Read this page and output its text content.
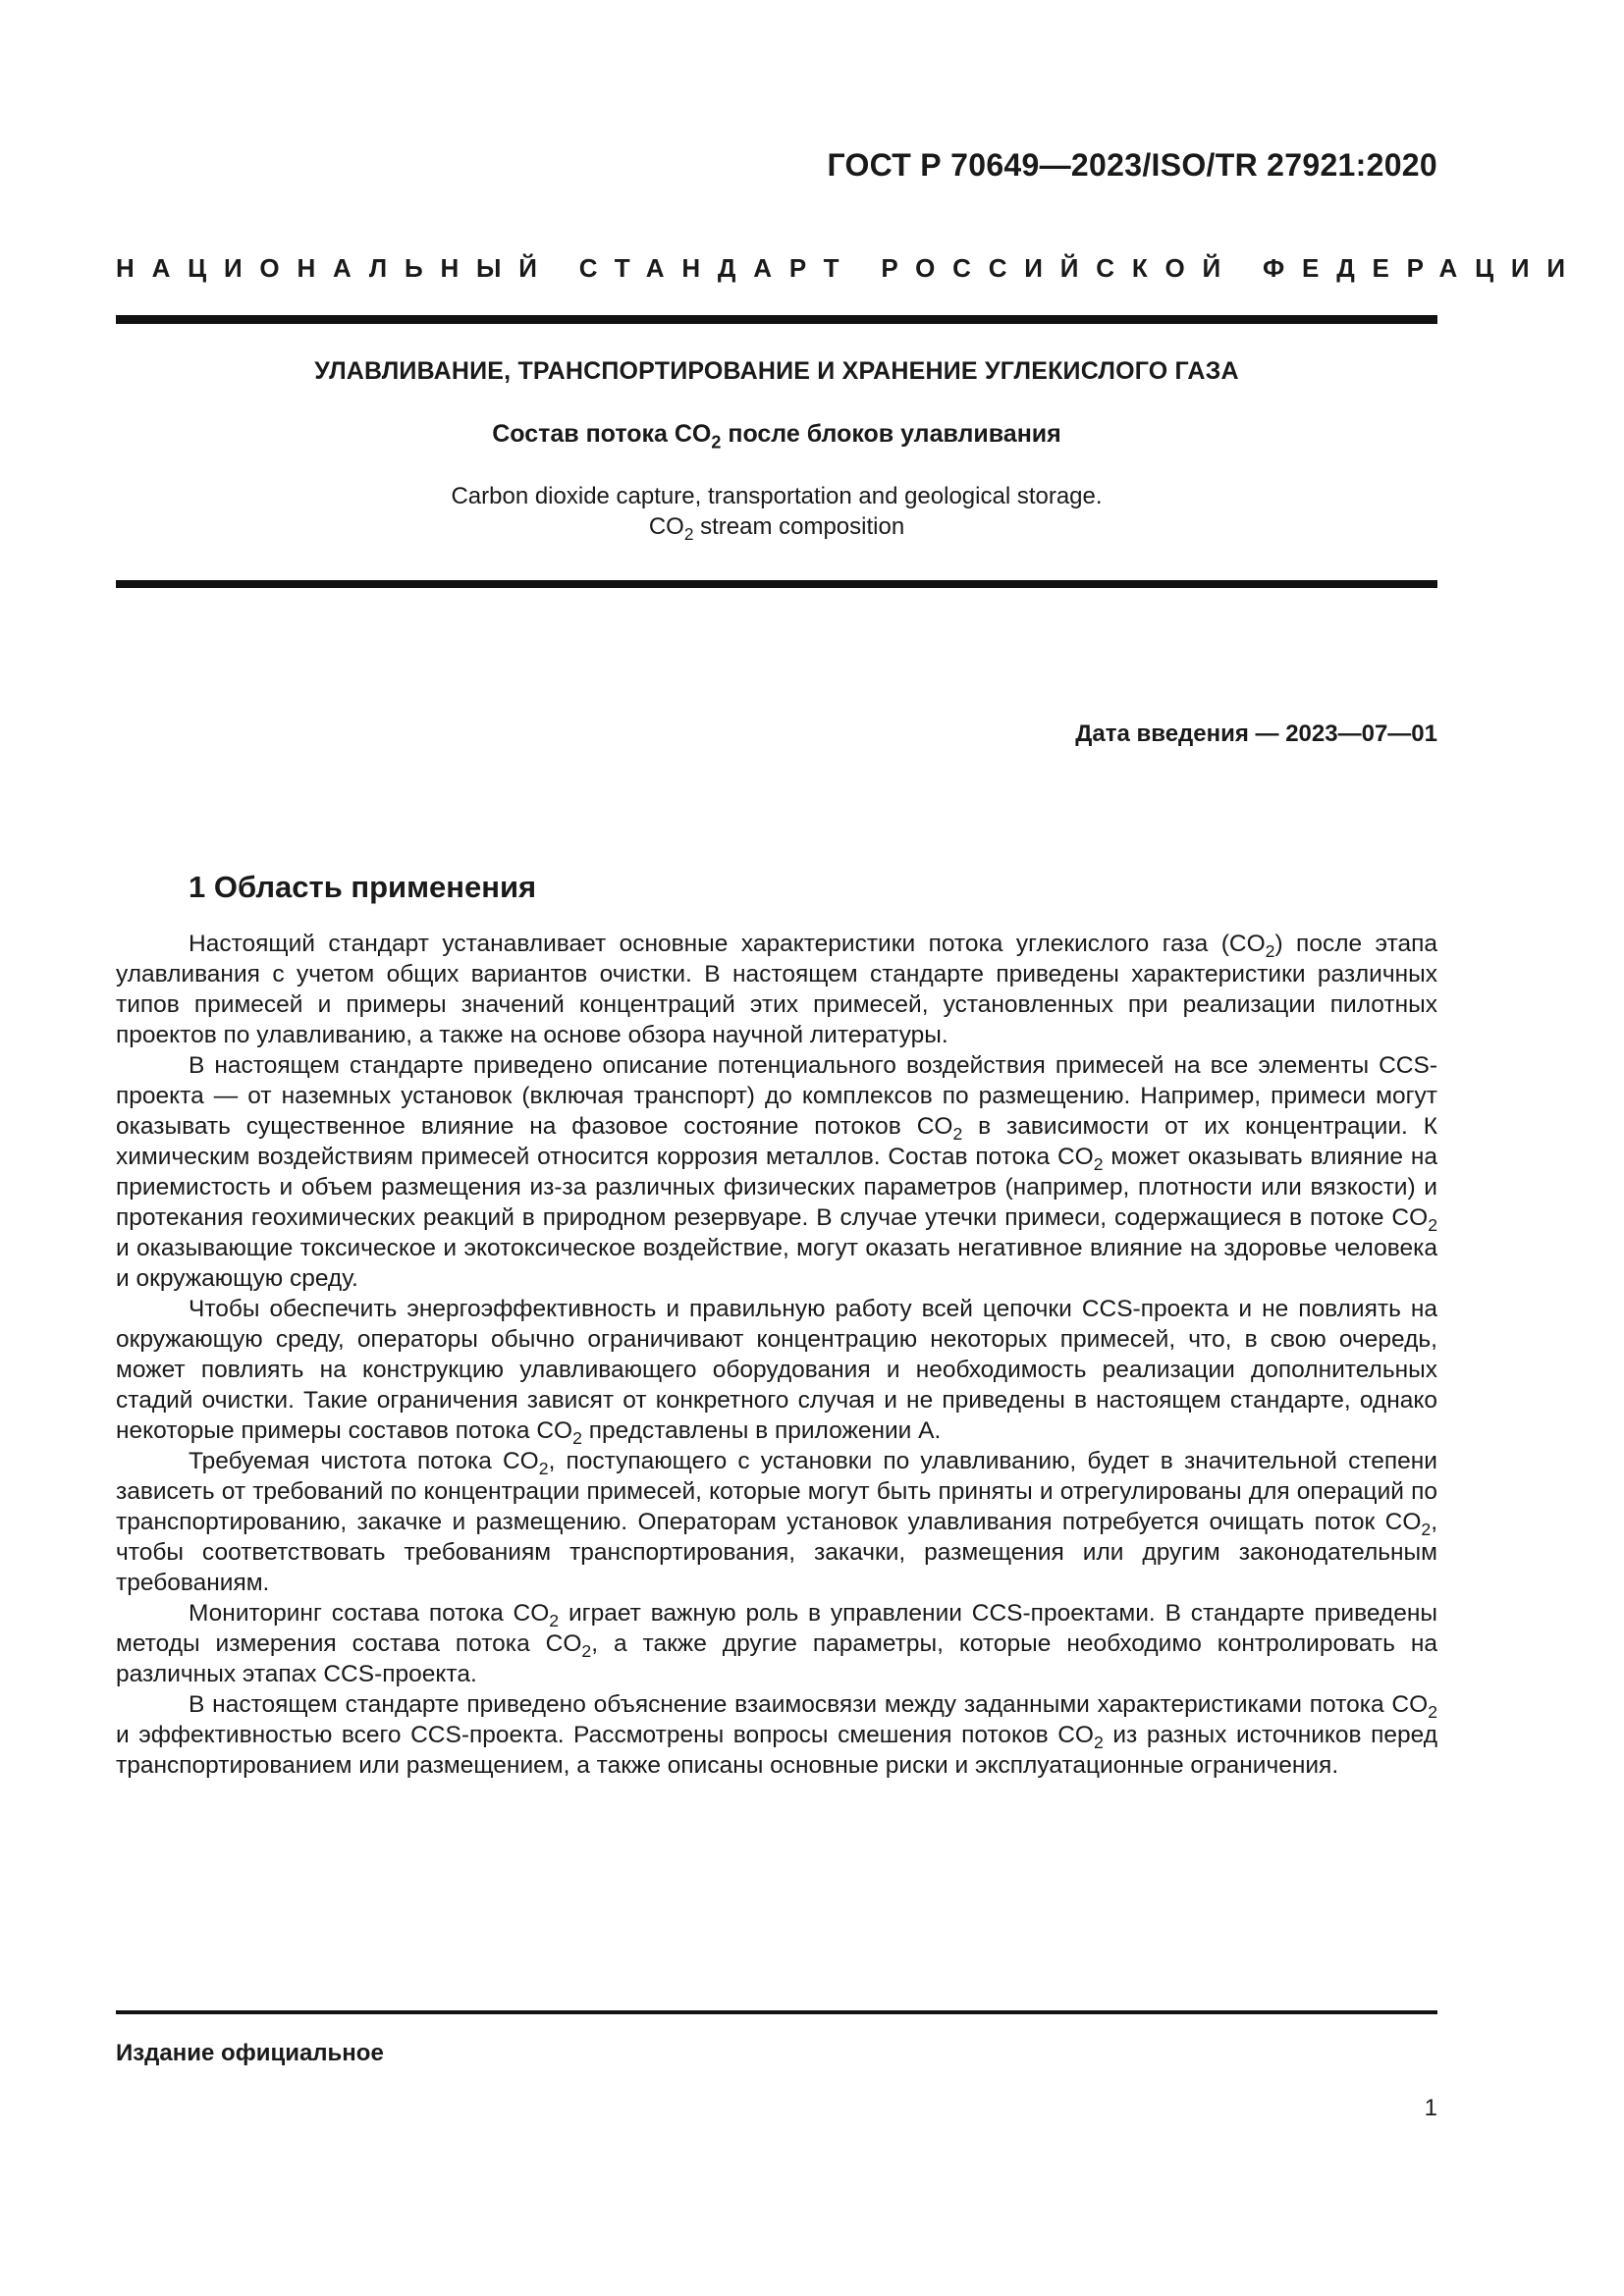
ГОСТ Р 70649—2023/ISO/TR 27921:2020
НАЦИОНАЛЬНЫЙ СТАНДАРТ РОССИЙСКОЙ ФЕДЕРАЦИИ
УЛАВЛИВАНИЕ, ТРАНСПОРТИРОВАНИЕ И ХРАНЕНИЕ УГЛЕКИСЛОГО ГАЗА
Состав потока $CO_2$ после блоков улавливания
Carbon dioxide capture, transportation and geological storage.
$CO_2$ stream composition
Дата введения — 2023—07—01
1 Область применения

Настоящий стандарт устанавливает основные характеристики потока углекислого газа $(CO_2)$ после этапа улавливания с учетом общих вариантов очистки. В настоящем стандарте приведены характеристики различных типов примесей и примеры значений концентраций этих примесей, установленных при реализации пилотных проектов по улавливанию, а также на основе обзора научной литературы.

В настоящем стандарте приведено описание потенциального воздействия примесей на все элементы CCS-проекта — от наземных установок (включая транспорт) до комплексов по размещению. Например, примеси могут оказывать существенное влияние на фазовое состояние потоков $CO_2$ в зависимости от их концентрации. К химическим воздействиям примесей относится коррозия металлов. Состав потока $CO_2$ может оказывать влияние на приемистость и объем размещения из-за различных физических параметров (например, плотности или вязкости) и протекания геохимических реакций в природном резервуаре. В случае утечки примеси, содержащиеся в потоке $CO_2$ и оказывающие токсическое и экотоксическое воздействие, могут оказать негативное влияние на здоровье человека и окружающую среду.

Чтобы обеспечить энергоэффективность и правильную работу всей цепочки CCS-проекта и не повлиять на окружающую среду, операторы обычно ограничивают концентрацию некоторых примесей, что, в свою очередь, может повлиять на конструкцию улавливающего оборудования и необходимость реализации дополнительных стадий очистки. Такие ограничения зависят от конкретного случая и не приведены в настоящем стандарте, однако некоторые примеры составов потока $CO_2$ представлены в приложении А.

Требуемая чистота потока $CO_2$, поступающего с установки по улавливанию, будет в значительной степени зависеть от требований по концентрации примесей, которые могут быть приняты и отрегулированы для операций по транспортированию, закачке и размещению. Операторам установок улавливания потребуется очищать поток $CO_2$, чтобы соответствовать требованиям транспортирования, закачки, размещения или другим законодательным требованиям.

Мониторинг состава потока $CO_2$ играет важную роль в управлении CCS-проектами. В стандарте приведены методы измерения состава потока $CO_2$, а также другие параметры, которые необходимо контролировать на различных этапах CCS-проекта.

В настоящем стандарте приведено объяснение взаимосвязи между заданными характеристиками потока $CO_2$ и эффективностью всего CCS-проекта. Рассмотрены вопросы смешения потоков $CO_2$ из разных источников перед транспортированием или размещением, а также описаны основные риски и эксплуатационные ограничения.

Издание официальное
1
